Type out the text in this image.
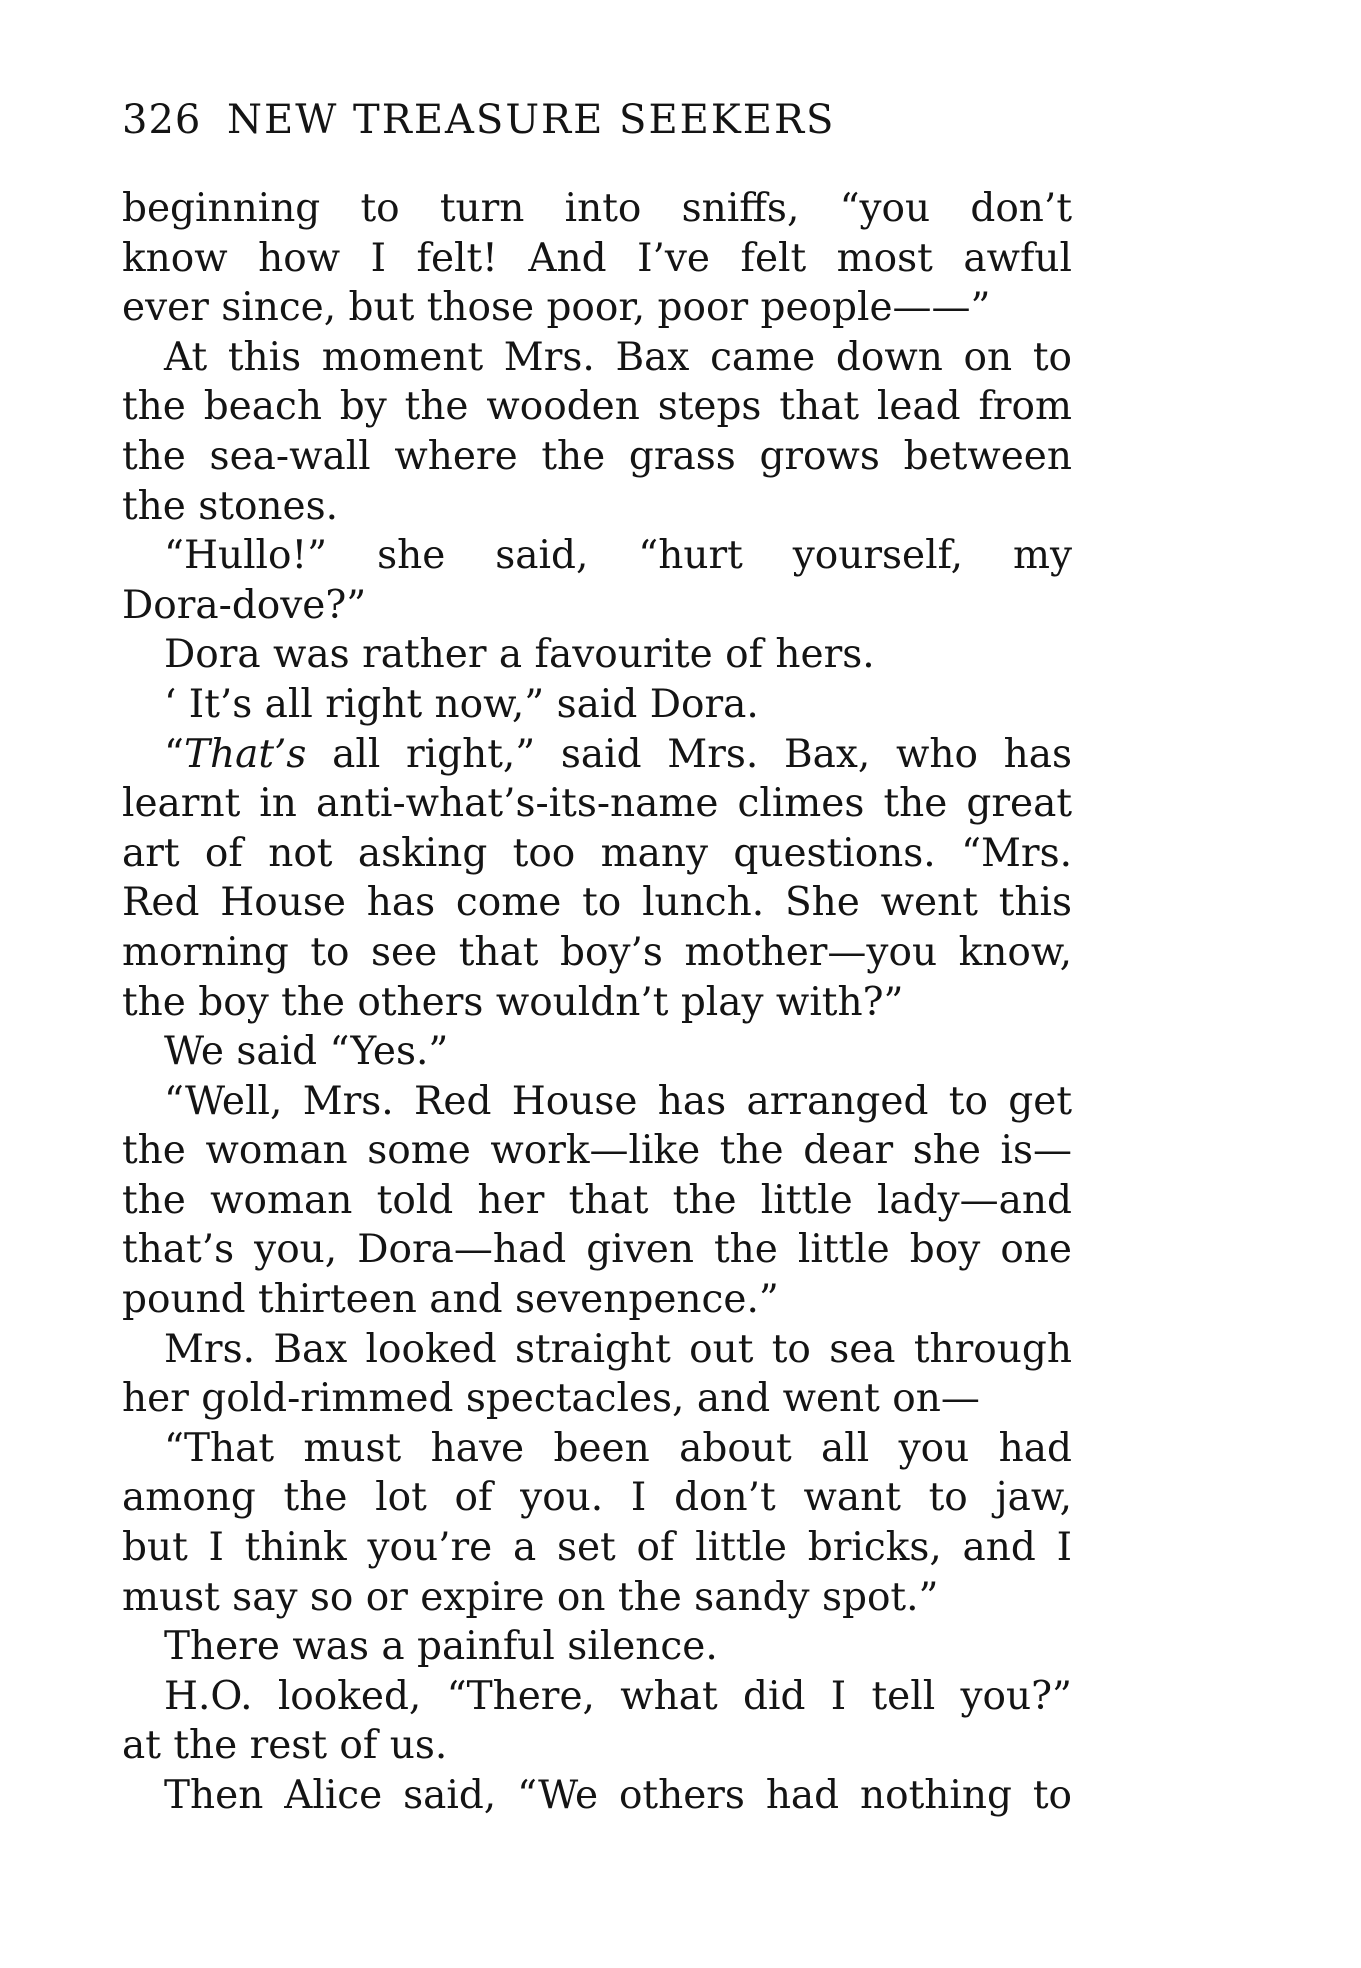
326 NEW TREASURE SEEKERS
beginning to turn into sniffs, “you don’t
know how I felt! And I’ve felt most awful
ever since, but those poor, poor people——”
At this moment Mrs. Bax came down on to
the beach by the wooden steps that lead from
the sea-wall where the grass grows between
the stones.
“Hullo!” she said, “hurt yourself, my
Dora-dove?”
Dora was rather a favourite of hers.
‘ It’s all right now,” said Dora.
“That’s all right,” said Mrs. Bax, who has
learnt in anti-what’s-its-name climes the great
art of not asking too many questions. “Mrs.
Red House has come to lunch. She went this
morning to see that boy’s mother—you know,
the boy the others wouldn’t play with?”
We said “Yes.”
“Well, Mrs. Red House has arranged to get
the woman some work—like the dear she is—
the woman told her that the little lady—and
that’s you, Dora—had given the little boy one
pound thirteen and sevenpence.”
Mrs. Bax looked straight out to sea through
her gold-rimmed spectacles, and went on—
“That must have been about all you had
among the lot of you. I don’t want to jaw,
but I think you’re a set of little bricks, and I
must say so or expire on the sandy spot.”
There was a painful silence.
H.O. looked, “There, what did I tell you?”
at the rest of us.
Then Alice said, “We others had nothing to
